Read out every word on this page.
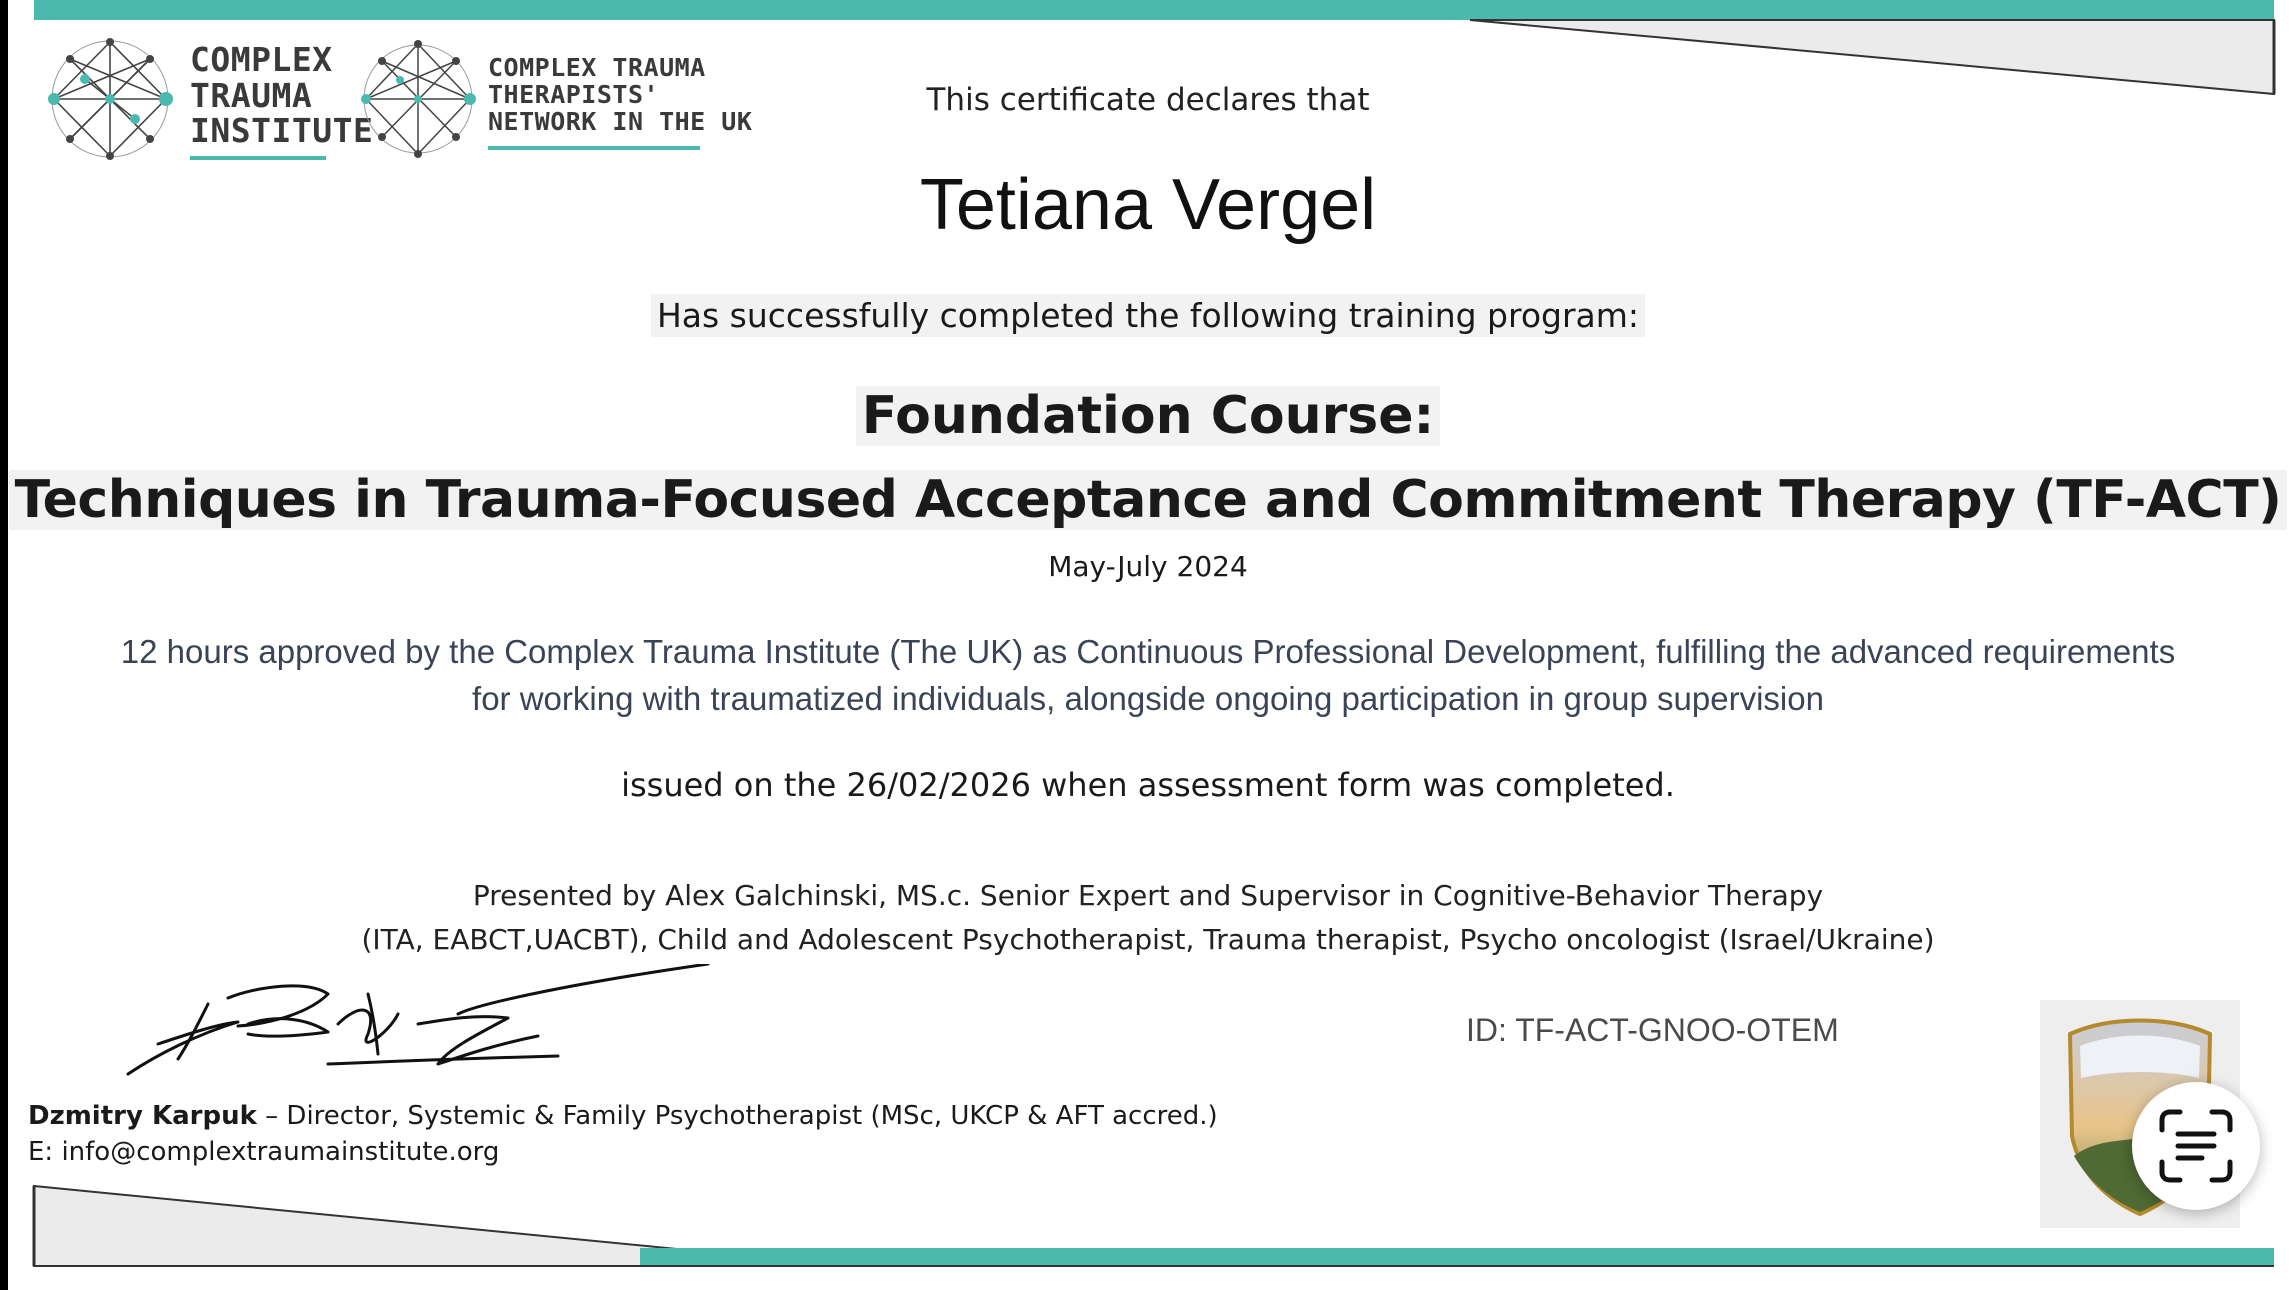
COMPLEX
TRAUMA
INSTITUTE
COMPLEX TRAUMA
THERAPISTS'
NETWORK IN THE UK
This certificate declares that
Tetiana Vergel
Has successfully completed the following training program:
Foundation Course:
Techniques in Trauma-Focused Acceptance and Commitment Therapy (TF-ACT)
May-July 2024
12 hours approved by the Complex Trauma Institute (The UK) as Continuous Professional Development, fulfilling the advanced requirements
for working with traumatized individuals, alongside ongoing participation in group supervision
issued on the 26/02/2026 when assessment form was completed.
Presented by Alex Galchinski, MS.c. Senior Expert and Supervisor in Cognitive-Behavior Therapy
(ITA, EABCT,UACBT), Child and Adolescent Psychotherapist, Trauma therapist, Psycho oncologist (Israel/Ukraine)
Dzmitry Karpuk – Director, Systemic & Family Psychotherapist (MSc, UKCP & AFT accred.)
E: info@complextraumainstitute.org
ID: TF-ACT-GNOO-OTEM
